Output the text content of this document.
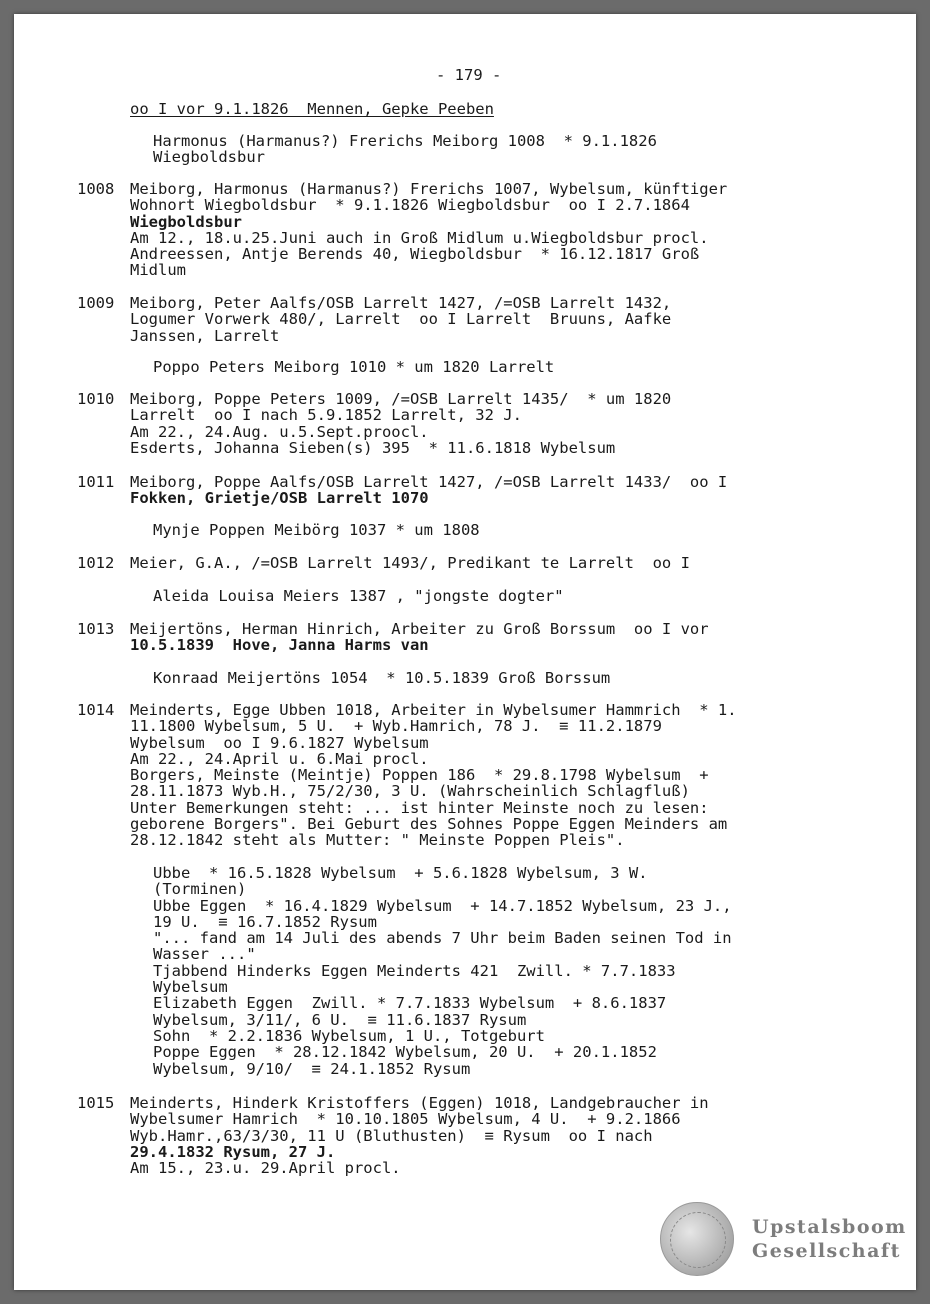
- 179 -
oo I vor 9.1.1826  Mennen, Gepke Peeben
Harmonus (Harmanus?) Frerichs Meiborg 1008  * 9.1.1826
Wiegboldsbur
1008 Meiborg, Harmonus (Harmanus?) Frerichs 1007, Wybelsum, künftiger
Wohnort Wiegboldsbur  * 9.1.1826 Wiegboldsbur  oo I 2.7.1864
Wiegboldsbur
Am 12., 18.u.25.Juni auch in Groß Midlum u.Wiegboldsbur procl.
Andreessen, Antje Berends 40, Wiegboldsbur  * 16.12.1817 Groß
Midlum
1009 Meiborg, Peter Aalfs/OSB Larrelt 1427, /=OSB Larrelt 1432,
Logumer Vorwerk 480/, Larrelt  oo I Larrelt  Bruuns, Aafke
Janssen, Larrelt
Poppo Peters Meiborg 1010 * um 1820 Larrelt
1010 Meiborg, Poppe Peters 1009, /=OSB Larrelt 1435/  * um 1820
Larrelt  oo I nach 5.9.1852 Larrelt, 32 J.
Am 22., 24.Aug. u.5.Sept.proocl.
Esderts, Johanna Sieben(s) 395  * 11.6.1818 Wybelsum
1011 Meiborg, Poppe Aalfs/OSB Larrelt 1427, /=OSB Larrelt 1433/  oo I
Fokken, Grietje/OSB Larrelt 1070
Mynje Poppen Meibörg 1037 * um 1808
1012 Meier, G.A., /=OSB Larrelt 1493/, Predikant te Larrelt  oo I
Aleida Louisa Meiers 1387 , "jongste dogter"
1013 Meijertöns, Herman Hinrich, Arbeiter zu Groß Borssum  oo I vor
10.5.1839  Hove, Janna Harms van
Konraad Meijertöns 1054  * 10.5.1839 Groß Borssum
1014 Meinderts, Egge Ubben 1018, Arbeiter in Wybelsumer Hammrich  * 1.
11.1800 Wybelsum, 5 U.  + Wyb.Hamrich, 78 J.  ≡ 11.2.1879
Wybelsum  oo I 9.6.1827 Wybelsum
Am 22., 24.April u. 6.Mai procl.
Borgers, Meinste (Meintje) Poppen 186  * 29.8.1798 Wybelsum  +
28.11.1873 Wyb.H., 75/2/30, 3 U. (Wahrscheinlich Schlagfluß)
Unter Bemerkungen steht: ... ist hinter Meinste noch zu lesen:
geborene Borgers". Bei Geburt des Sohnes Poppe Eggen Meinders am
28.12.1842 steht als Mutter: " Meinste Poppen Pleis".
Ubbe  * 16.5.1828 Wybelsum  + 5.6.1828 Wybelsum, 3 W.
(Torminen)
Ubbe Eggen  * 16.4.1829 Wybelsum  + 14.7.1852 Wybelsum, 23 J.,
19 U.  ≡ 16.7.1852 Rysum
"... fand am 14 Juli des abends 7 Uhr beim Baden seinen Tod in
Wasser ..."
Tjabbend Hinderks Eggen Meinderts 421  Zwill. * 7.7.1833
Wybelsum
Elizabeth Eggen  Zwill. * 7.7.1833 Wybelsum  + 8.6.1837
Wybelsum, 3/11/, 6 U.  ≡ 11.6.1837 Rysum
Sohn  * 2.2.1836 Wybelsum, 1 U., Totgeburt
Poppe Eggen  * 28.12.1842 Wybelsum, 20 U.  + 20.1.1852
Wybelsum, 9/10/  ≡ 24.1.1852 Rysum
1015 Meinderts, Hinderk Kristoffers (Eggen) 1018, Landgebraucher in
Wybelsumer Hamrich  * 10.10.1805 Wybelsum, 4 U.  + 9.2.1866
Wyb.Hamr.,63/3/30, 11 U (Bluthusten)  ≡ Rysum  oo I nach
29.4.1832 Rysum, 27 J.
Am 15., 23.u. 29.April procl.
Upstalsboom
Gesellschaft
